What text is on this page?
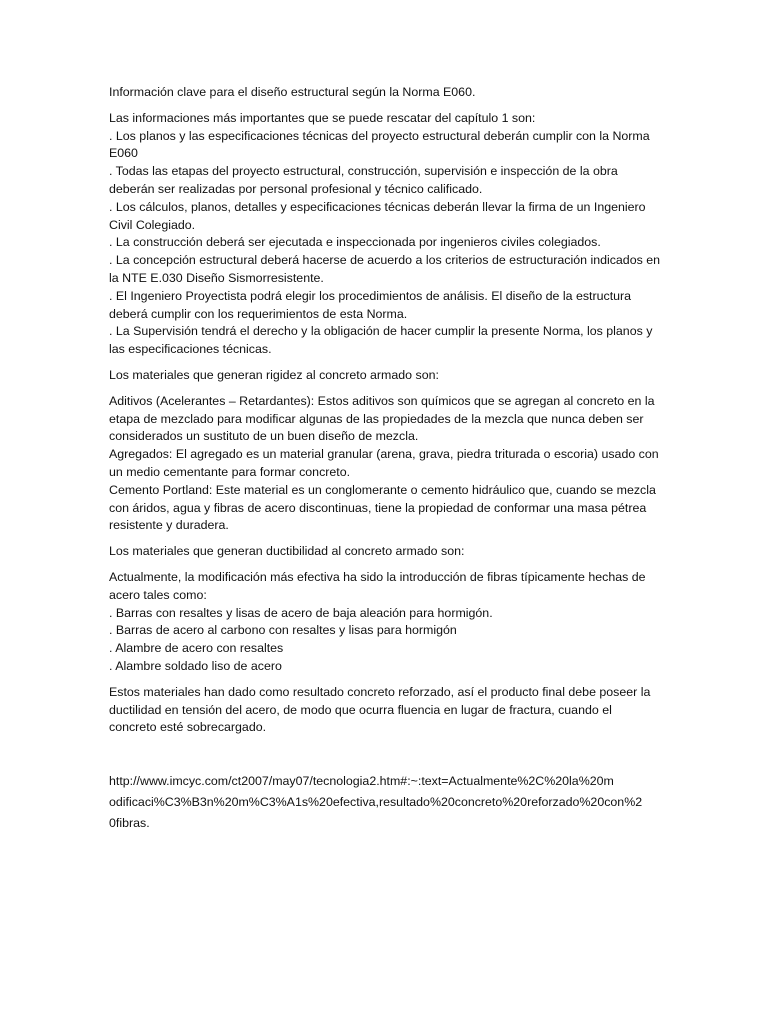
Información clave para el diseño estructural según la Norma E060.
Las informaciones más importantes que se puede rescatar del capítulo 1 son:
. Los planos y las especificaciones técnicas del proyecto estructural deberán cumplir con la Norma E060
. Todas las etapas del proyecto estructural, construcción, supervisión e inspección de la obra deberán ser realizadas por personal profesional y técnico calificado.
. Los cálculos, planos, detalles y especificaciones técnicas deberán llevar la firma de un Ingeniero Civil Colegiado.
. La construcción deberá ser ejecutada e inspeccionada por ingenieros civiles colegiados.
. La concepción estructural deberá hacerse de acuerdo a los criterios de estructuración indicados en la NTE E.030 Diseño Sismorresistente.
. El Ingeniero Proyectista podrá elegir los procedimientos de análisis. El diseño de la estructura deberá cumplir con los requerimientos de esta Norma.
. La Supervisión tendrá el derecho y la obligación de hacer cumplir la presente Norma, los planos y las especificaciones técnicas.
Los materiales que generan rigidez al concreto armado son:
Aditivos (Acelerantes – Retardantes): Estos aditivos son químicos que se agregan al concreto en la etapa de mezclado para modificar algunas de las propiedades de la mezcla que nunca deben ser considerados un sustituto de un buen diseño de mezcla.
Agregados: El agregado es un material granular (arena, grava, piedra triturada o escoria) usado con un medio cementante para formar concreto.
Cemento Portland: Este material es un conglomerante o cemento hidráulico que, cuando se mezcla con áridos, agua y fibras de acero discontinuas, tiene la propiedad de conformar una masa pétrea resistente y duradera.
Los materiales que generan ductibilidad al concreto armado son:
Actualmente, la modificación más efectiva ha sido la introducción de fibras típicamente hechas de acero tales como:
. Barras con resaltes y lisas de acero de baja aleación para hormigón.
. Barras de acero al carbono con resaltes y lisas para hormigón
. Alambre de acero con resaltes
. Alambre soldado liso de acero
Estos materiales han dado como resultado concreto reforzado, así el producto final debe poseer la ductilidad en tensión del acero, de modo que ocurra fluencia en lugar de fractura, cuando el concreto esté sobrecargado.
http://www.imcyc.com/ct2007/may07/tecnologia2.htm#:~:text=Actualmente%2C%20la%20m
odificaci%C3%B3n%20m%C3%A1s%20efectiva,resultado%20concreto%20reforzado%20con%2
0fibras.
